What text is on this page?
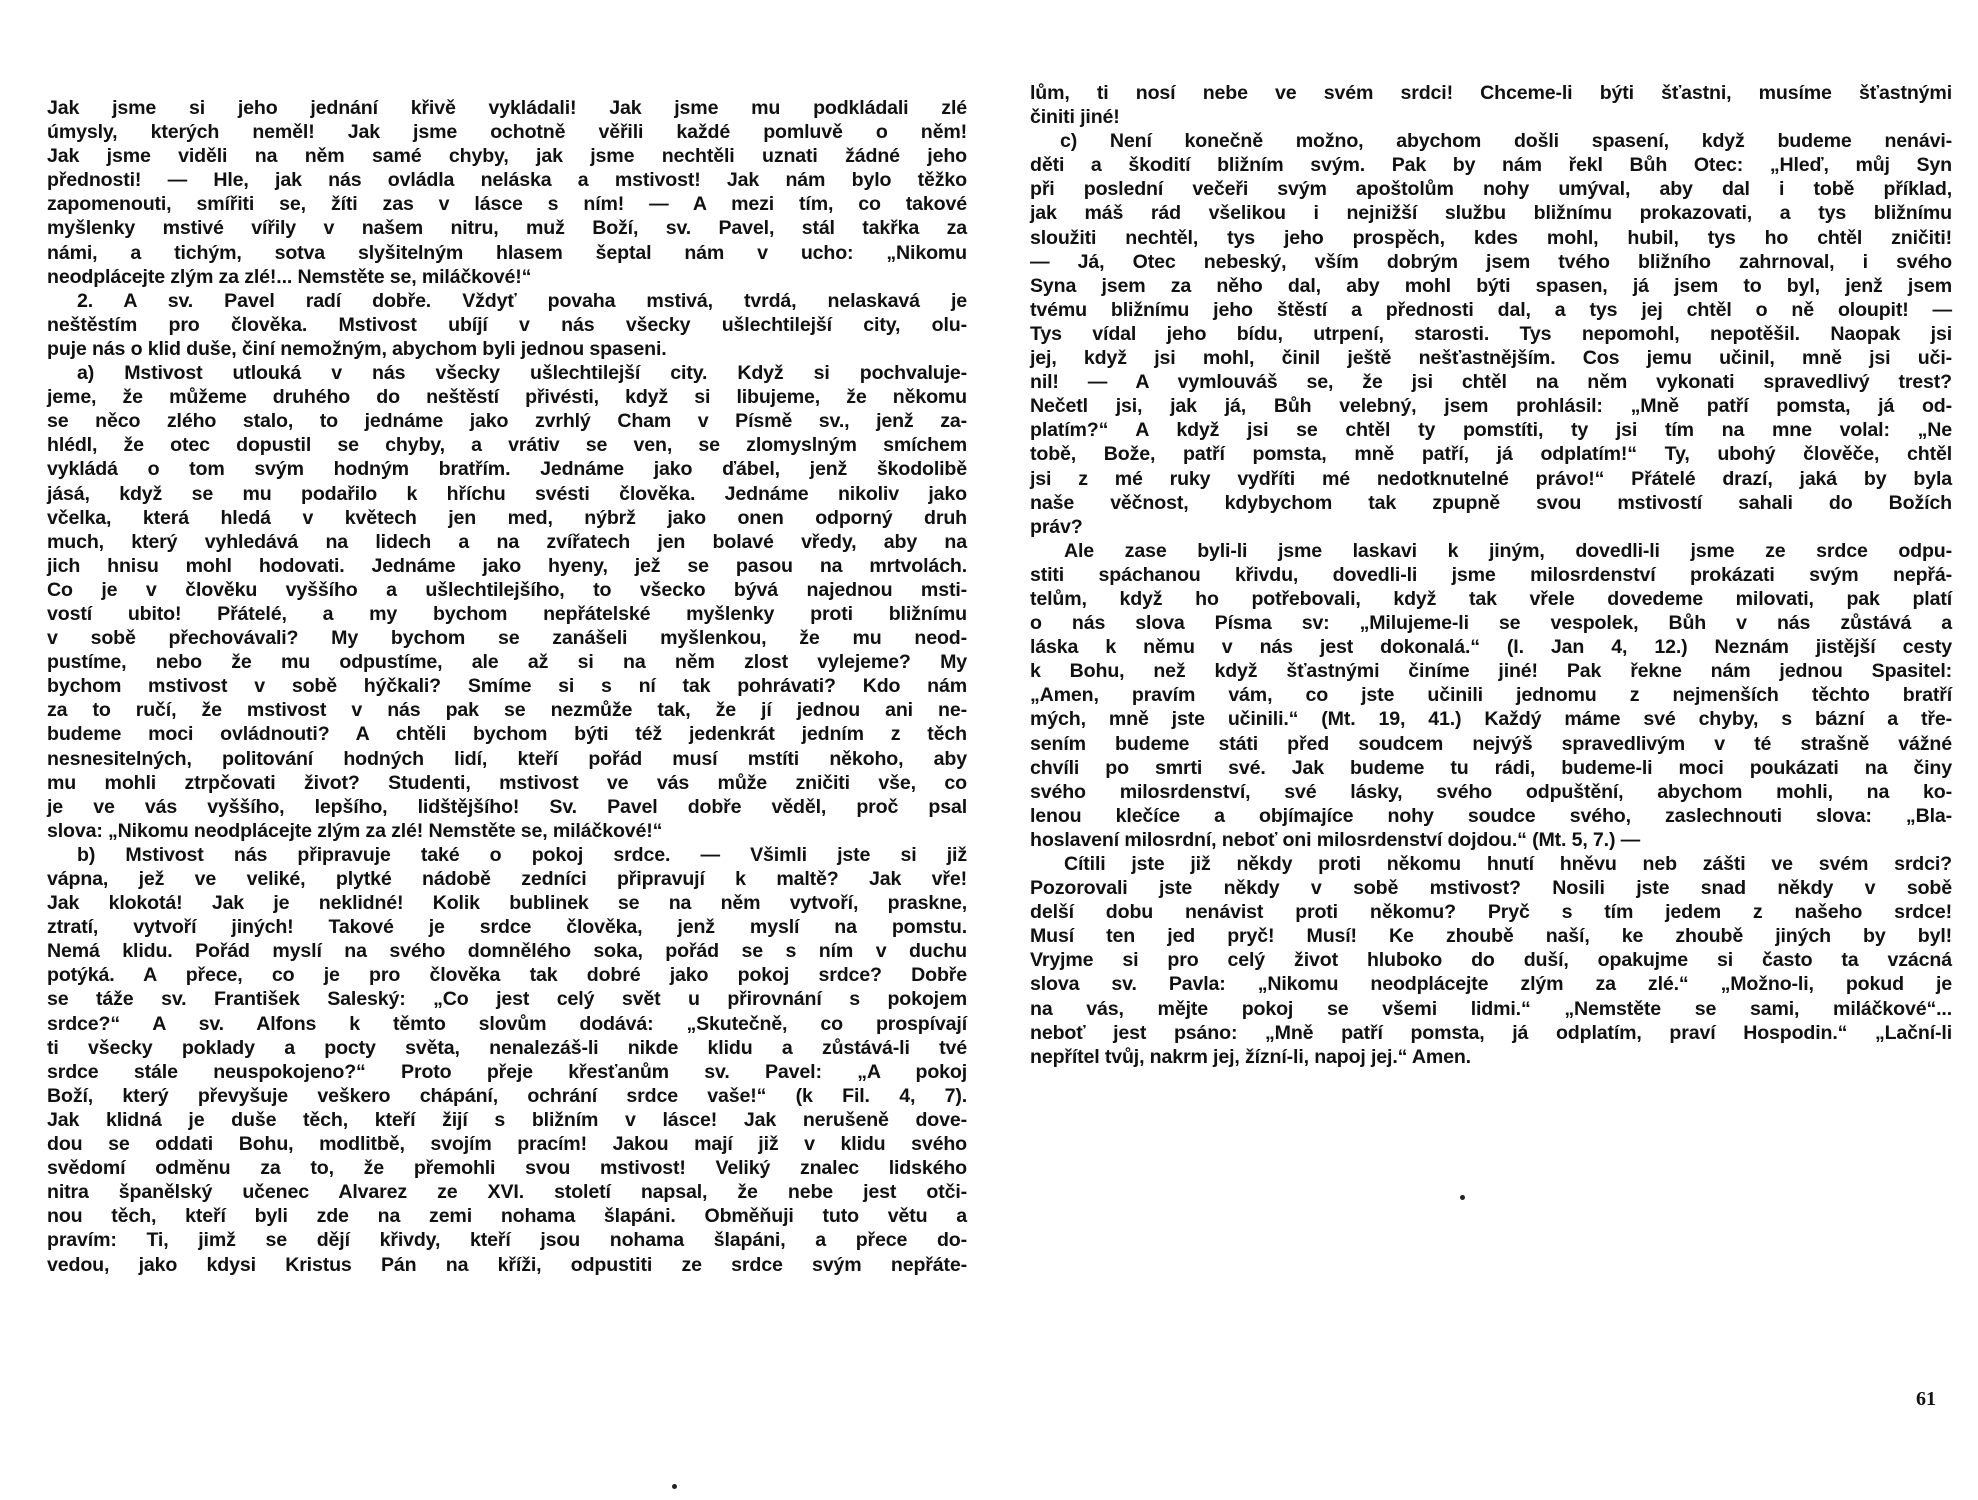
Jak jsme si jeho jednání křivě vykládali! Jak jsme mu podkládali zlé
úmysly, kterých neměl! Jak jsme ochotně věřili každé pomluvě o něm!
Jak jsme viděli na něm samé chyby, jak jsme nechtěli uznati žádné jeho
přednosti! — Hle, jak nás ovládla neláska a mstivost! Jak nám bylo těžko
zapomenouti, smířiti se, žíti zas v lásce s ním! — A mezi tím, co takové
myšlenky mstivé vířily v našem nitru, muž Boží, sv. Pavel, stál takřka za
námi, a tichým, sotva slyšitelným hlasem šeptal nám v ucho: „Nikomu
neodplácejte zlým za zlé!... Nemstěte se, miláčkové!“
2. A sv. Pavel radí dobře. Vždyť povaha mstivá, tvrdá, nelaskavá je
neštěstím pro člověka. Mstivost ubíjí v nás všecky ušlechtilejší city, olu-
puje nás o klid duše, činí nemožným, abychom byli jednou spaseni.
a) Mstivost utlouká v nás všecky ušlechtilejší city. Když si pochvaluje-
jeme, že můžeme druhého do neštěstí přivésti, když si libujeme, že někomu
se něco zlého stalo, to jednáme jako zvrhlý Cham v Písmě sv., jenž za-
hlédl, že otec dopustil se chyby, a vrátiv se ven, se zlomyslným smíchem
vykládá o tom svým hodným bratřím. Jednáme jako ďábel, jenž škodolibě
jásá, když se mu podařilo k hříchu svésti člověka. Jednáme nikoliv jako
včelka, která hledá v květech jen med, nýbrž jako onen odporný druh
much, který vyhledává na lidech a na zvířatech jen bolavé vředy, aby na
jich hnisu mohl hodovati. Jednáme jako hyeny, jež se pasou na mrtvolách.
Co je v člověku vyššího a ušlechtilejšího, to všecko bývá najednou msti-
vostí ubito! Přátelé, a my bychom nepřátelské myšlenky proti bližnímu
v sobě přechovávali? My bychom se zanášeli myšlenkou, že mu neod-
pustíme, nebo že mu odpustíme, ale až si na něm zlost vylejeme? My
bychom mstivost v sobě hýčkali? Smíme si s ní tak pohrávati? Kdo nám
za to ručí, že mstivost v nás pak se nezmůže tak, že jí jednou ani ne-
budeme moci ovládnouti? A chtěli bychom býti též jedenkrát jedním z těch
nesnesitelných, politování hodných lidí, kteří pořád musí mstíti někoho, aby
mu mohli ztrpčovati život? Studenti, mstivost ve vás může zničiti vše, co
je ve vás vyššího, lepšího, lidštějšího! Sv. Pavel dobře věděl, proč psal
slova: „Nikomu neodplácejte zlým za zlé! Nemstěte se, miláčkové!“
b) Mstivost nás připravuje také o pokoj srdce. — Všimli jste si již
vápna, jež ve veliké, plytké nádobě zedníci připravují k maltě? Jak vře!
Jak klokotá! Jak je neklidné! Kolik bublinek se na něm vytvoří, praskne,
ztratí, vytvoří jiných! Takové je srdce člověka, jenž myslí na pomstu.
Nemá klidu. Pořád myslí na svého domnělého soka, pořád se s ním v duchu
potýká. A přece, co je pro člověka tak dobré jako pokoj srdce? Dobře
se táže sv. František Saleský: „Co jest celý svět u přirovnání s pokojem
srdce?“ A sv. Alfons k těmto slovům dodává: „Skutečně, co prospívají
ti všecky poklady a pocty světa, nenalezáš-li nikde klidu a zůstává-li tvé
srdce stále neuspokojeno?“ Proto přeje křesťanům sv. Pavel: „A pokoj
Boží, který převyšuje veškero chápání, ochrání srdce vaše!“ (k Fil. 4, 7).
Jak klidná je duše těch, kteří žijí s bližním v lásce! Jak nerušeně dove-
dou se oddati Bohu, modlitbě, svojím pracím! Jakou mají již v klidu svého
svědomí odměnu za to, že přemohli svou mstivost! Veliký znalec lidského
nitra španělský učenec Alvarez ze XVI. století napsal, že nebe jest otči-
nou těch, kteří byli zde na zemi nohama šlapáni. Obměňuji tuto větu a
pravím: Ti, jimž se dějí křivdy, kteří jsou nohama šlapáni, a přece do-
vedou, jako kdysi Kristus Pán na kříži, odpustiti ze srdce svým nepřáte-
lům, ti nosí nebe ve svém srdci! Chceme-li býti šťastni, musíme šťastnými
činiti jiné!
c) Není konečně možno, abychom došli spasení, když budeme nenávi-
děti a škodití bližním svým. Pak by nám řekl Bůh Otec: „Hleď, můj Syn
při poslední večeři svým apoštolům nohy umýval, aby dal i tobě příklad,
jak máš rád všelikou i nejnižší službu bližnímu prokazovati, a tys bližnímu
sloužiti nechtěl, tys jeho prospěch, kdes mohl, hubil, tys ho chtěl zničiti!
— Já, Otec nebeský, vším dobrým jsem tvého bližního zahrnoval, i svého
Syna jsem za něho dal, aby mohl býti spasen, já jsem to byl, jenž jsem
tvému bližnímu jeho štěstí a přednosti dal, a tys jej chtěl o ně oloupit! —
Tys vídal jeho bídu, utrpení, starosti. Tys nepomohl, nepotěšil. Naopak jsi
jej, když jsi mohl, činil ještě nešťastnějším. Cos jemu učinil, mně jsi uči-
nil! — A vymlouváš se, že jsi chtěl na něm vykonati spravedlivý trest?
Nečetl jsi, jak já, Bůh velebný, jsem prohlásil: „Mně patří pomsta, já od-
platím?“ A když jsi se chtěl ty pomstíti, ty jsi tím na mne volal: „Ne
tobě, Bože, patří pomsta, mně patří, já odplatím!“ Ty, ubohý člověče, chtěl
jsi z mé ruky vydříti mé nedotknutelné právo!“ Přátelé drazí, jaká by byla
naše věčnost, kdybychom tak zpupně svou mstivostí sahali do Božích
práv?
Ale zase byli-li jsme laskavi k jiným, dovedli-li jsme ze srdce odpu-
stiti spáchanou křivdu, dovedli-li jsme milosrdenství prokázati svým nepřá-
telům, když ho potřebovali, když tak vřele dovedeme milovati, pak platí
o nás slova Písma sv: „Milujeme-li se vespolek, Bůh v nás zůstává a
láska k němu v nás jest dokonalá.“ (I. Jan 4, 12.) Neznám jistější cesty
k Bohu, než když šťastnými činíme jiné! Pak řekne nám jednou Spasitel:
„Amen, pravím vám, co jste učinili jednomu z nejmenších těchto bratří
mých, mně jste učinili.“ (Mt. 19, 41.) Každý máme své chyby, s bázní a tře-
sením budeme státi před soudcem nejvýš spravedlivým v té strašně vážné
chvíli po smrti své. Jak budeme tu rádi, budeme-li moci poukázati na činy
svého milosrdenství, své lásky, svého odpuštění, abychom mohli, na ko-
lenou klečíce a objímajíce nohy soudce svého, zaslechnouti slova: „Bla-
hoslavení milosrdní, neboť oni milosrdenství dojdou.“ (Mt. 5, 7.) —
Cítili jste již někdy proti někomu hnutí hněvu neb zášti ve svém srdci?
Pozorovali jste někdy v sobě mstivost? Nosili jste snad někdy v sobě
delší dobu nenávist proti někomu? Pryč s tím jedem z našeho srdce!
Musí ten jed pryč! Musí! Ke zhoubě naší, ke zhoubě jiných by byl!
Vryjme si pro celý život hluboko do duší, opakujme si často ta vzácná
slova sv. Pavla: „Nikomu neodplácejte zlým za zlé.“ „Možno-li, pokud je
na vás, mějte pokoj se všemi lidmi.“ „Nemstěte se sami, miláčkové“...
neboť jest psáno: „Mně patří pomsta, já odplatím, praví Hospodin.“ „Lační-li
nepřítel tvůj, nakrm jej, žízní-li, napoj jej.“ Amen.
61
